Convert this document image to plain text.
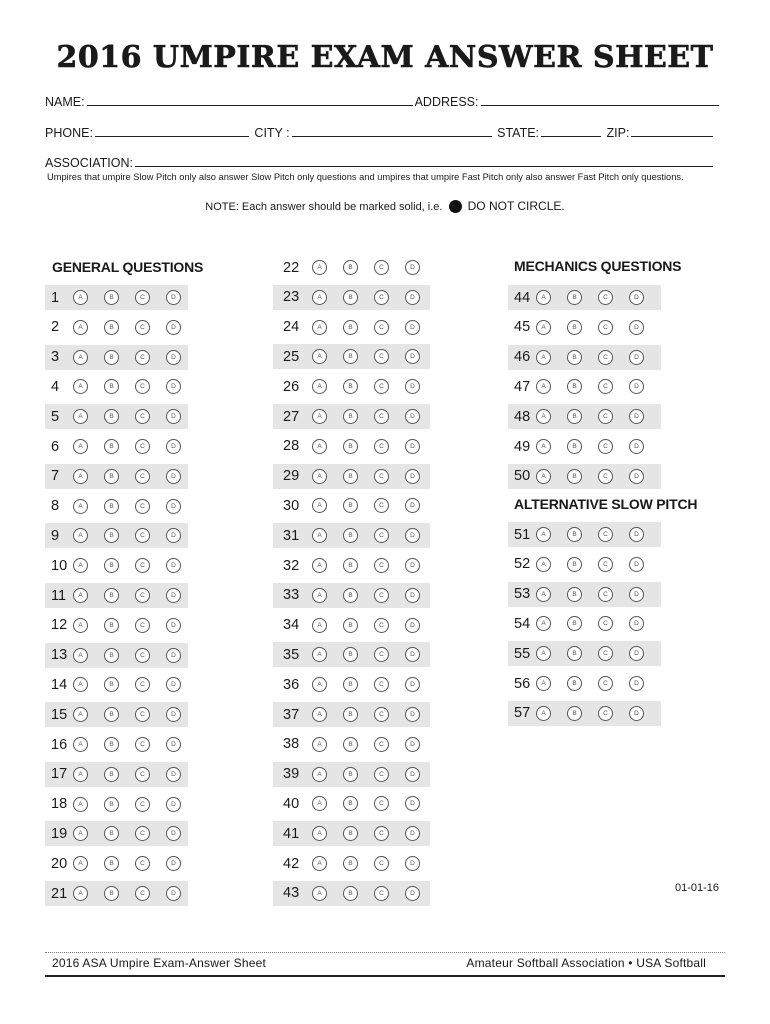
2016 UMPIRE EXAM ANSWER SHEET
NAME:	ADDRESS:
PHONE:	CITY :	STATE:	ZIP:
ASSOCIATION:
Umpires that umpire Slow Pitch only also answer Slow Pitch only questions and umpires that umpire Fast Pitch only also answer Fast Pitch only questions.
NOTE: Each answer should be marked solid, i.e. DO NOT CIRCLE.
GENERAL QUESTIONS	MECHANICS QUESTIONS
ALTERNATIVE SLOW PITCH
1	A	B	C	D
2	A	B	C	D
3	A	B	C	D
4	A	B	C	D
5	A	B	C	D
6	A	B	C	D
7	A	B	C	D
8	A	B	C	D
9	A	B	C	D
10	A	B	C	D
11	A	B	C	D
12	A	B	C	D
13	A	B	C	D
14	A	B	C	D
15	A	B	C	D
16	A	B	C	D
17	A	B	C	D
18	A	B	C	D
19	A	B	C	D
20	A	B	C	D
21	A	B	C	D
22	A	B	C	D
23	A	B	C	D
24	A	B	C	D
25	A	B	C	D
26	A	B	C	D
27	A	B	C	D
28	A	B	C	D
29	A	B	C	D
30	A	B	C	D
31	A	B	C	D
32	A	B	C	D
33	A	B	C	D
34	A	B	C	D
35	A	B	C	D
36	A	B	C	D
37	A	B	C	D
38	A	B	C	D
39	A	B	C	D
40	A	B	C	D
41	A	B	C	D
42	A	B	C	D
43	A	B	C	D
44	A	B	C	D
45	A	B	C	D
46	A	B	C	D
47	A	B	C	D
48	A	B	C	D
49	A	B	C	D
50	A	B	C	D
51	A	B	C	D
52	A	B	C	D
53	A	B	C	D
54	A	B	C	D
55	A	B	C	D
56	A	B	C	D
57	A	B	C	D
01-01-16
2016 ASA Umpire Exam-Answer Sheet	Amateur Softball Association • USA Softball
